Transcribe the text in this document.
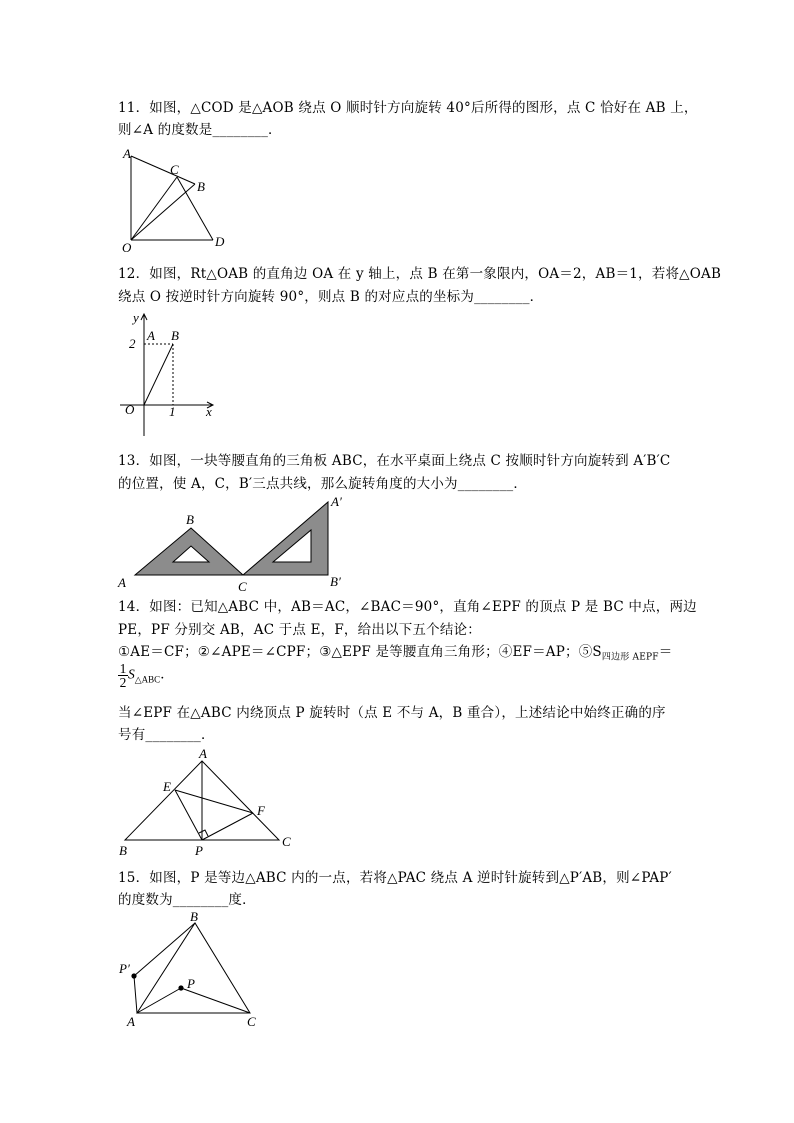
11．如图，△COD 是△AOB 绕点 O 顺时针方向旋转 40°后所得的图形，点 C 恰好在 AB 上，
则∠A 的度数是________．
A
C
B
O	D
12．如图，Rt△OAB 的直角边 OA 在 y 轴上，点 B 在第一象限内，OA＝2，AB＝1，若将△OAB
绕点 O 按逆时针方向旋转 90°，则点 B 的对应点的坐标为________．
y
x
A B
O
2
1
13．如图，一块等腰直角的三角板 ABC，在水平桌面上绕点 C 按顺时针方向旋转到 A′B′C
的位置，使 A，C，B′三点共线，那么旋转角度的大小为________．
A
B
C
A′
B′
14．如图：已知△ABC 中，AB＝AC，∠BAC＝90°，直角∠EPF 的顶点 P 是 BC 中点，两边
PE，PF 分别交 AB，AC 于点 E，F，给出以下五个结论：
①AE＝CF；②∠APE＝∠CPF；③△EPF 是等腰直角三角形；④EF＝AP；$⑤S_{四边形 AEPF}=$
$\frac{1}{2} S_{\triangle ABC}$．
当∠EPF 在△ABC 内绕顶点 P 旋转时（点 E 不与 A，B 重合），上述结论中始终正确的序
号有________．
A
E
F
B	P
C
15．如图，P 是等边△ABC 内的一点，若将△PAC 绕点 A 逆时针旋转到△P′AB，则∠PAP′
的度数为________度．
B
P′
P
A	C
